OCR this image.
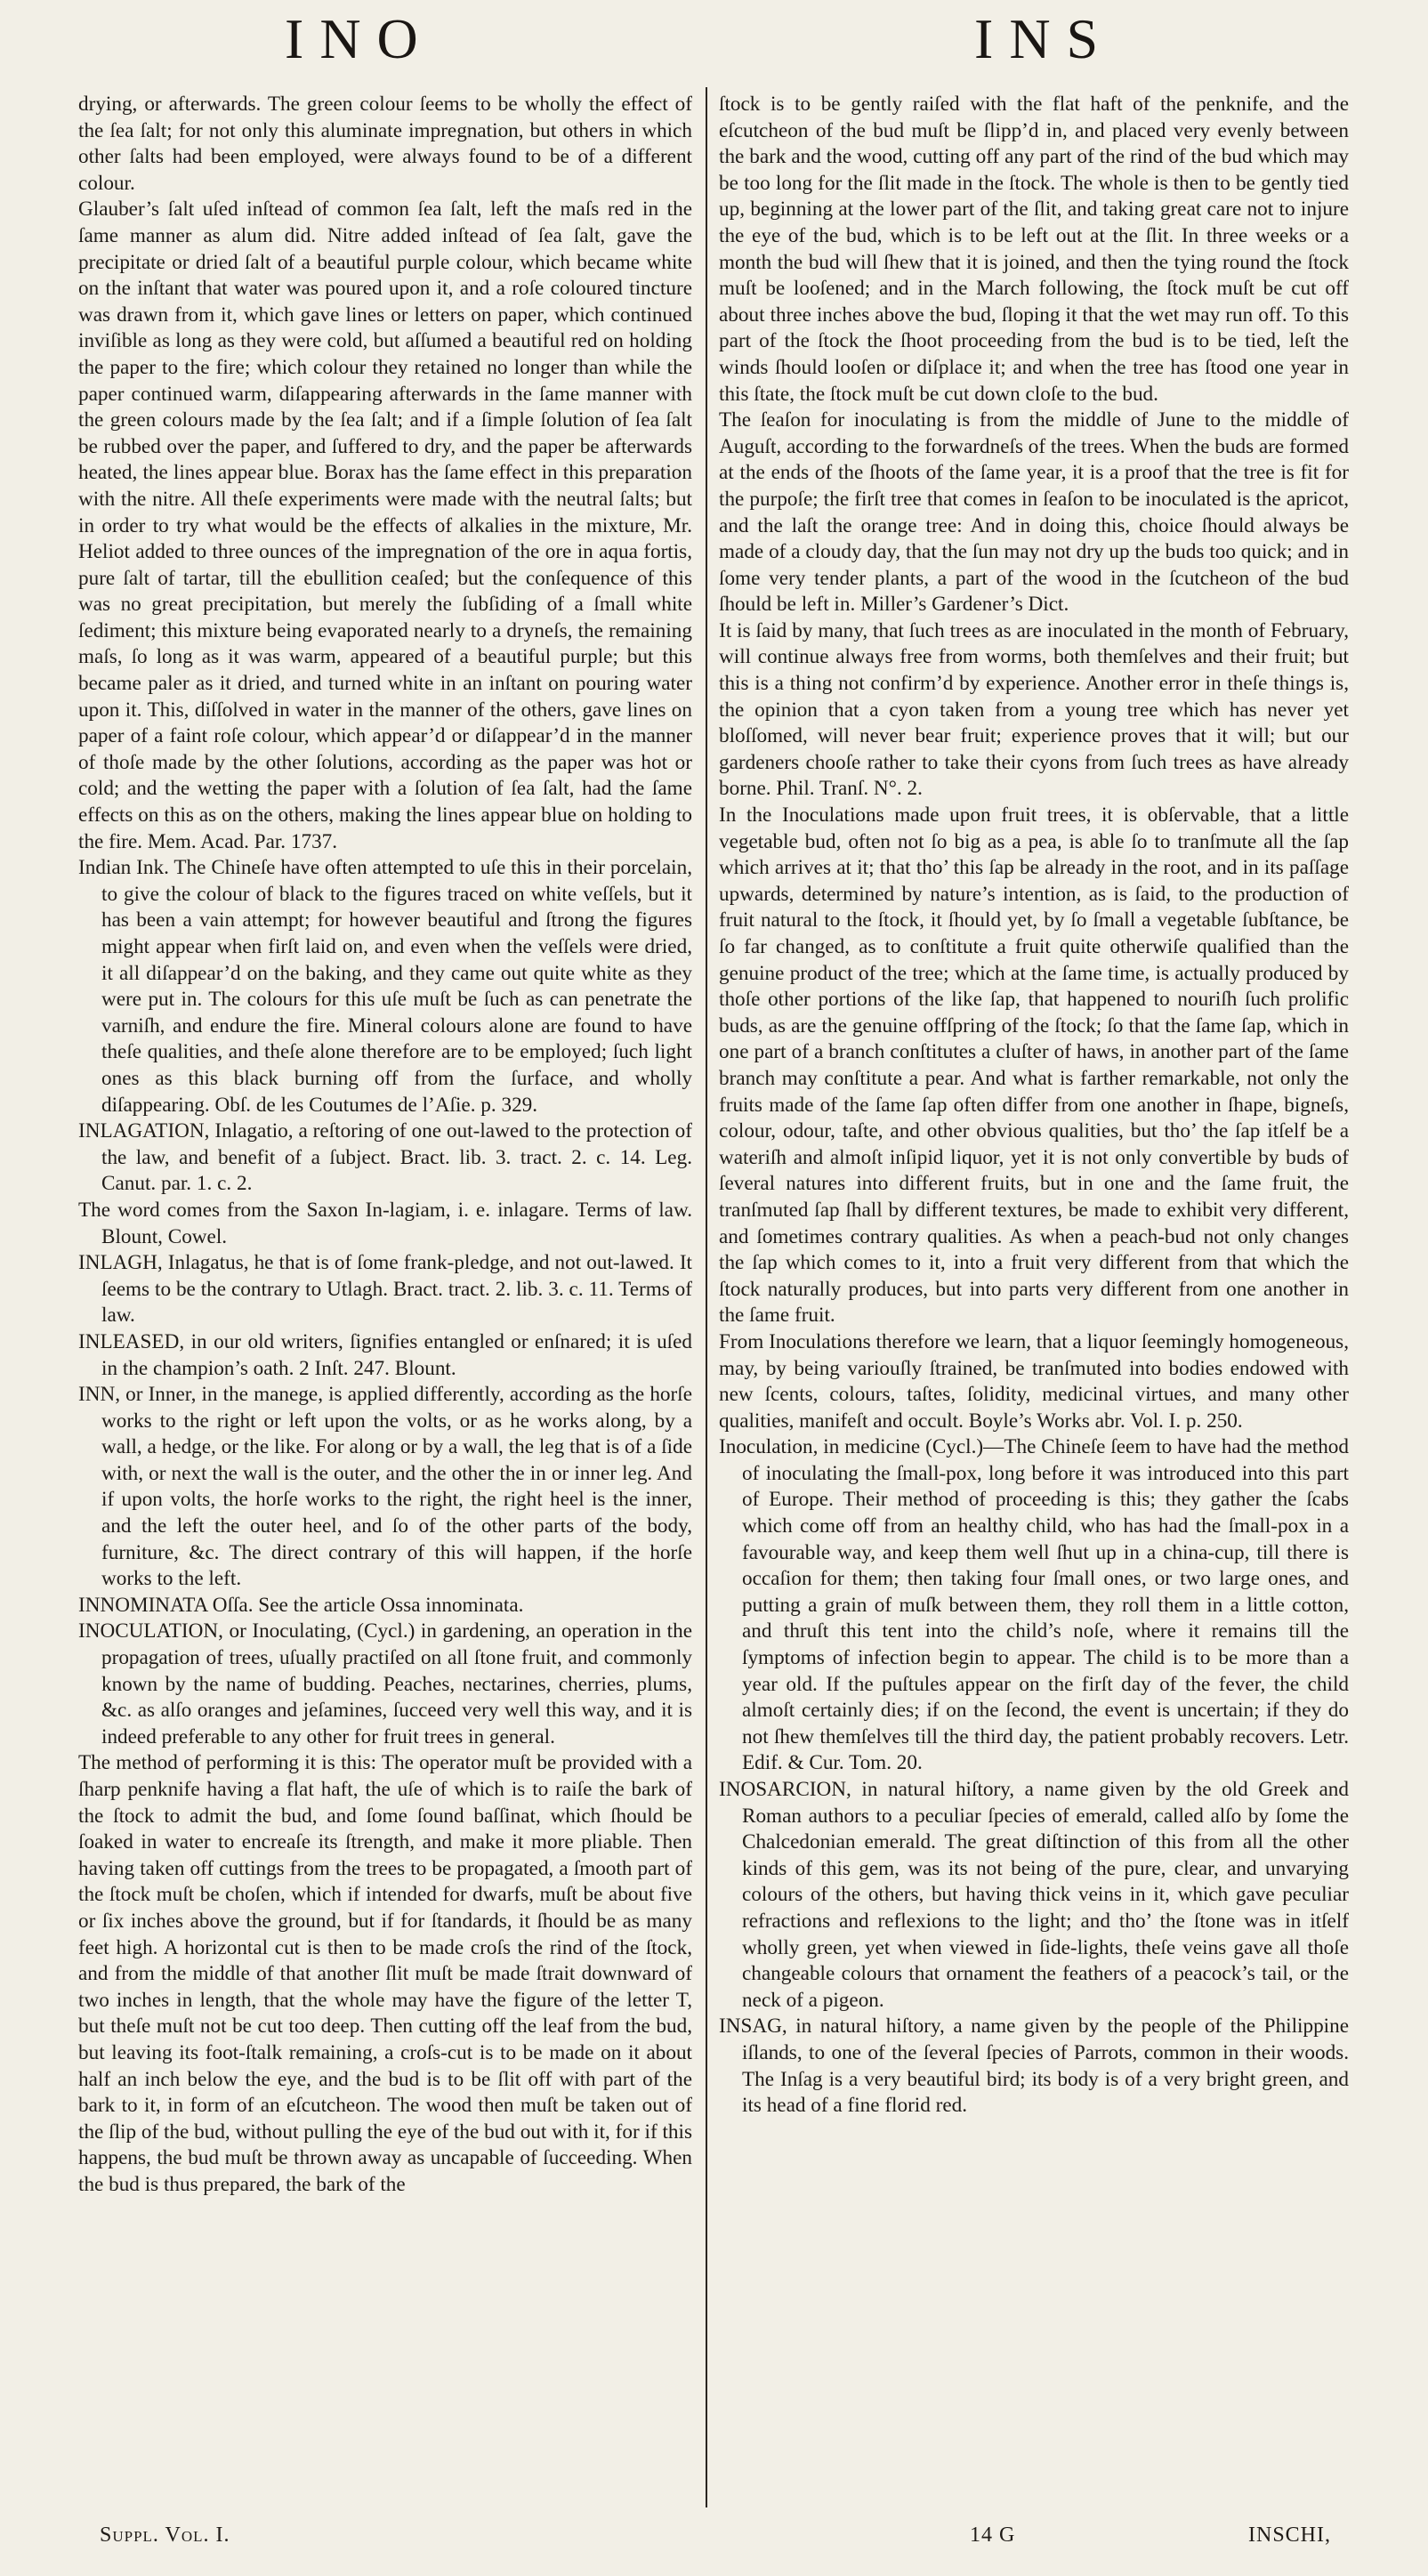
INO	INS

drying, or afterwards. The green colour ſeems to be wholly the effect of the ſea ſalt; for not only this aluminate impregnation, but others in which other ſalts had been employed, were always found to be of a different colour.

Glauber’s ſalt uſed inſtead of common ſea ſalt, left the maſs red in the ſame manner as alum did. Nitre added inſtead of ſea ſalt, gave the precipitate or dried ſalt of a beautiful purple colour, which became white on the inſtant that water was poured upon it, and a roſe coloured tincture was drawn from it, which gave lines or letters on paper, which continued inviſible as long as they were cold, but aſſumed a beautiful red on holding the paper to the fire; which colour they retained no longer than while the paper continued warm, diſappearing afterwards in the ſame manner with the green colours made by the ſea ſalt; and if a ſimple ſolution of ſea ſalt be rubbed over the paper, and ſuffered to dry, and the paper be afterwards heated, the lines appear blue. Borax has the ſame effect in this preparation with the nitre. All theſe experiments were made with the neutral ſalts; but in order to try what would be the effects of alkalies in the mixture, Mr. Heliot added to three ounces of the impregnation of the ore in aqua fortis, pure ſalt of tartar, till the ebullition ceaſed; but the conſequence of this was no great precipitation, but merely the ſubſiding of a ſmall white ſediment; this mixture being evaporated nearly to a dryneſs, the remaining maſs, ſo long as it was warm, appeared of a beautiful purple; but this became paler as it dried, and turned white in an inſtant on pouring water upon it. This, diſſolved in water in the manner of the others, gave lines on paper of a faint roſe colour, which appear’d or diſappear’d in the manner of thoſe made by the other ſolutions, according as the paper was hot or cold; and the wetting the paper with a ſolution of ſea ſalt, had the ſame effects on this as on the others, making the lines appear blue on holding to the fire. Mem. Acad. Par. 1737.

Indian Ink. The Chineſe have often attempted to uſe this in their porcelain, to give the colour of black to the figures traced on white veſſels, but it has been a vain attempt; for however beautiful and ſtrong the figures might appear when firſt laid on, and even when the veſſels were dried, it all diſappear’d on the baking, and they came out quite white as they were put in. The colours for this uſe muſt be ſuch as can penetrate the varniſh, and endure the fire. Mineral colours alone are found to have theſe qualities, and theſe alone therefore are to be employed; ſuch light ones as this black burning off from the ſurface, and wholly diſappearing. Obſ. de les Coutumes de l’Aſie. p. 329.

INLAGATION, Inlagatio, a reſtoring of one out-lawed to the protection of the law, and benefit of a ſubject. Bract. lib. 3. tract. 2. c. 14. Leg. Canut. par. 1. c. 2.

The word comes from the Saxon In-lagiam, i. e. inlagare. Terms of law. Blount, Cowel.

INLAGH, Inlagatus, he that is of ſome frank-pledge, and not out-lawed. It ſeems to be the contrary to Utlagh. Bract. tract. 2. lib. 3. c. 11. Terms of law.

INLEASED, in our old writers, ſignifies entangled or enſnared; it is uſed in the champion’s oath. 2 Inſt. 247. Blount.

INN, or Inner, in the manege, is applied differently, according as the horſe works to the right or left upon the volts, or as he works along, by a wall, a hedge, or the like. For along or by a wall, the leg that is of a ſide with, or next the wall is the outer, and the other the in or inner leg. And if upon volts, the horſe works to the right, the right heel is the inner, and the left the outer heel, and ſo of the other parts of the body, furniture, &c. The direct contrary of this will happen, if the horſe works to the left.

INNOMINATA Oſſa. See the article Ossa innominata.

INOCULATION, or Inoculating, (Cycl.) in gardening, an operation in the propagation of trees, uſually practiſed on all ſtone fruit, and commonly known by the name of budding. Peaches, nectarines, cherries, plums, &c. as alſo oranges and jeſamines, ſucceed very well this way, and it is indeed preferable to any other for fruit trees in general.

The method of performing it is this: The operator muſt be provided with a ſharp penknife having a flat haft, the uſe of which is to raiſe the bark of the ſtock to admit the bud, and ſome ſound baſſinat, which ſhould be ſoaked in water to encreaſe its ſtrength, and make it more pliable. Then having taken off cuttings from the trees to be propagated, a ſmooth part of the ſtock muſt be choſen, which if intended for dwarfs, muſt be about five or ſix inches above the ground, but if for ſtandards, it ſhould be as many feet high. A horizontal cut is then to be made croſs the rind of the ſtock, and from the middle of that another ſlit muſt be made ſtrait downward of two inches in length, that the whole may have the figure of the letter T, but theſe muſt not be cut too deep. Then cutting off the leaf from the bud, but leaving its foot-ſtalk remaining, a croſs-cut is to be made on it about half an inch below the eye, and the bud is to be ſlit off with part of the bark to it, in form of an eſcutcheon. The wood then muſt be taken out of the ſlip of the bud, without pulling the eye of the bud out with it, for if this happens, the bud muſt be thrown away as uncapable of ſucceeding. When the bud is thus prepared, the bark of the

ſtock is to be gently raiſed with the flat haft of the penknife, and the eſcutcheon of the bud muſt be ſlipp’d in, and placed very evenly between the bark and the wood, cutting off any part of the rind of the bud which may be too long for the ſlit made in the ſtock. The whole is then to be gently tied up, beginning at the lower part of the ſlit, and taking great care not to injure the eye of the bud, which is to be left out at the ſlit. In three weeks or a month the bud will ſhew that it is joined, and then the tying round the ſtock muſt be looſened; and in the March following, the ſtock muſt be cut off about three inches above the bud, ſloping it that the wet may run off. To this part of the ſtock the ſhoot proceeding from the bud is to be tied, leſt the winds ſhould looſen or diſplace it; and when the tree has ſtood one year in this ſtate, the ſtock muſt be cut down cloſe to the bud.

The ſeaſon for inoculating is from the middle of June to the middle of Auguſt, according to the forwardneſs of the trees. When the buds are formed at the ends of the ſhoots of the ſame year, it is a proof that the tree is fit for the purpoſe; the firſt tree that comes in ſeaſon to be inoculated is the apricot, and the laſt the orange tree: And in doing this, choice ſhould always be made of a cloudy day, that the ſun may not dry up the buds too quick; and in ſome very tender plants, a part of the wood in the ſcutcheon of the bud ſhould be left in. Miller’s Gardener’s Dict.

It is ſaid by many, that ſuch trees as are inoculated in the month of February, will continue always free from worms, both themſelves and their fruit; but this is a thing not confirm’d by experience. Another error in theſe things is, the opinion that a cyon taken from a young tree which has never yet bloſſomed, will never bear fruit; experience proves that it will; but our gardeners chooſe rather to take their cyons from ſuch trees as have already borne. Phil. Tranſ. N°. 2.

In the Inoculations made upon fruit trees, it is obſervable, that a little vegetable bud, often not ſo big as a pea, is able ſo to tranſmute all the ſap which arrives at it; that tho’ this ſap be already in the root, and in its paſſage upwards, determined by nature’s intention, as is ſaid, to the production of fruit natural to the ſtock, it ſhould yet, by ſo ſmall a vegetable ſubſtance, be ſo far changed, as to conſtitute a fruit quite otherwiſe qualified than the genuine product of the tree; which at the ſame time, is actually produced by thoſe other portions of the like ſap, that happened to nouriſh ſuch prolific buds, as are the genuine offſpring of the ſtock; ſo that the ſame ſap, which in one part of a branch conſtitutes a cluſter of haws, in another part of the ſame branch may conſtitute a pear. And what is farther remarkable, not only the fruits made of the ſame ſap often differ from one another in ſhape, bigneſs, colour, odour, taſte, and other obvious qualities, but tho’ the ſap itſelf be a wateriſh and almoſt inſipid liquor, yet it is not only convertible by buds of ſeveral natures into different fruits, but in one and the ſame fruit, the tranſmuted ſap ſhall by different textures, be made to exhibit very different, and ſometimes contrary qualities. As when a peach-bud not only changes the ſap which comes to it, into a fruit very different from that which the ſtock naturally produces, but into parts very different from one another in the ſame fruit.

From Inoculations therefore we learn, that a liquor ſeemingly homogeneous, may, by being variouſly ſtrained, be tranſmuted into bodies endowed with new ſcents, colours, taſtes, ſolidity, medicinal virtues, and many other qualities, manifeſt and occult. Boyle’s Works abr. Vol. I. p. 250.

Inoculation, in medicine (Cycl.)—The Chineſe ſeem to have had the method of inoculating the ſmall-pox, long before it was introduced into this part of Europe. Their method of proceeding is this; they gather the ſcabs which come off from an healthy child, who has had the ſmall-pox in a favourable way, and keep them well ſhut up in a china-cup, till there is occaſion for them; then taking four ſmall ones, or two large ones, and putting a grain of muſk between them, they roll them in a little cotton, and thruſt this tent into the child’s noſe, where it remains till the ſymptoms of infection begin to appear. The child is to be more than a year old. If the puſtules appear on the firſt day of the fever, the child almoſt certainly dies; if on the ſecond, the event is uncertain; if they do not ſhew themſelves till the third day, the patient probably recovers. Letr. Edif. & Cur. Tom. 20.

INOSARCION, in natural hiſtory, a name given by the old Greek and Roman authors to a peculiar ſpecies of emerald, called alſo by ſome the Chalcedonian emerald. The great diſtinction of this from all the other kinds of this gem, was its not being of the pure, clear, and unvarying colours of the others, but having thick veins in it, which gave peculiar refractions and reflexions to the light; and tho’ the ſtone was in itſelf wholly green, yet when viewed in ſide-lights, theſe veins gave all thoſe changeable colours that ornament the feathers of a peacock’s tail, or the neck of a pigeon.

INSAG, in natural hiſtory, a name given by the people of the Philippine iſlands, to one of the ſeveral ſpecies of Parrots, common in their woods. The Inſag is a very beautiful bird; its body is of a very bright green, and its head of a fine florid red.

Suppl. Vol. I.	14 G	INSCHI,
